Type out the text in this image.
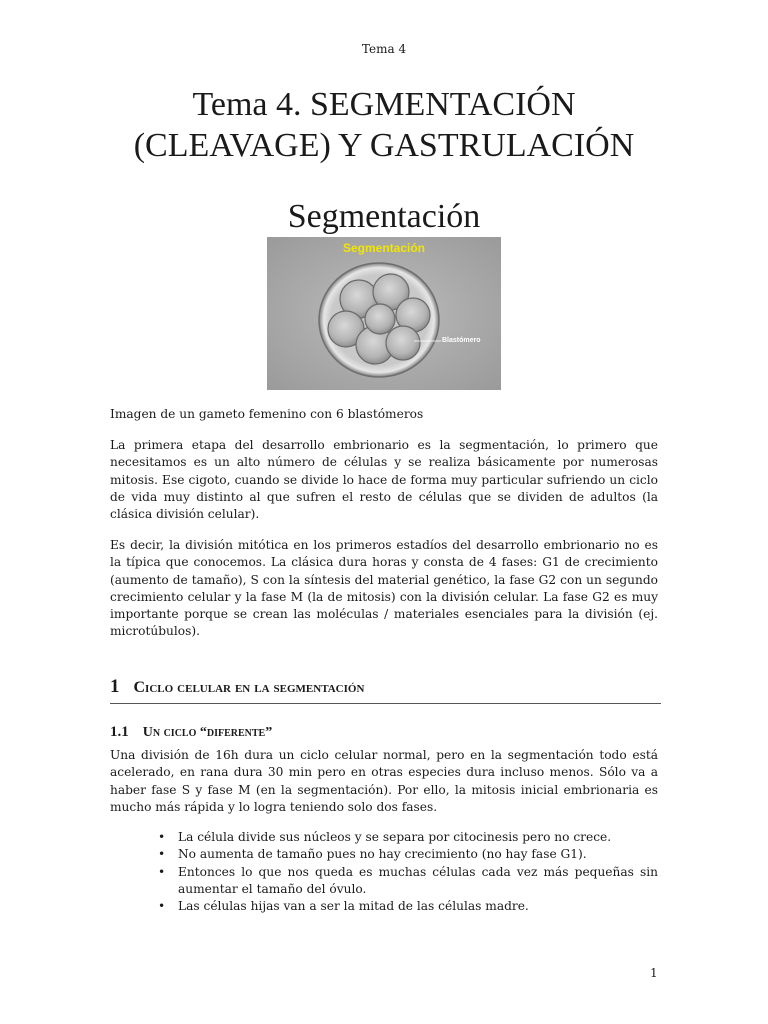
Tema 4
Tema 4. SEGMENTACIÓN
(CLEAVAGE) Y GASTRULACIÓN
Segmentación
Segmentación
Blastómero

Imagen de un gameto femenino con 6 blastómeros

La primera etapa del desarrollo embrionario es la segmentación, lo primero que necesitamos es un alto número de células y se realiza básicamente por numerosas mitosis. Ese cigoto, cuando se divide lo hace de forma muy particular sufriendo un ciclo de vida muy distinto al que sufren el resto de células que se dividen de adultos (la clásica división celular).

Es decir, la división mitótica en los primeros estadíos del desarrollo embrionario no es la típica que conocemos. La clásica dura horas y consta de 4 fases: G1 de crecimiento (aumento de tamaño), S con la síntesis del material genético, la fase G2 con un segundo crecimiento celular y la fase M (la de mitosis) con la división celular. La fase G2 es muy importante porque se crean las moléculas / materiales esenciales para la división (ej. microtúbulos).

1 Ciclo celular en la segmentación
1.1 Un ciclo “diferente”

Una división de 16h dura un ciclo celular normal, pero en la segmentación todo está acelerado, en rana dura 30 min pero en otras especies dura incluso menos. Sólo va a haber fase S y fase M (en la segmentación). Por ello, la mitosis inicial embrionaria es mucho más rápida y lo logra teniendo solo dos fases.

• La célula divide sus núcleos y se separa por citocinesis pero no crece.
• No aumenta de tamaño pues no hay crecimiento (no hay fase G1).
• Entonces lo que nos queda es muchas células cada vez más pequeñas sin aumentar el tamaño del óvulo.
• Las células hijas van a ser la mitad de las células madre.
1
